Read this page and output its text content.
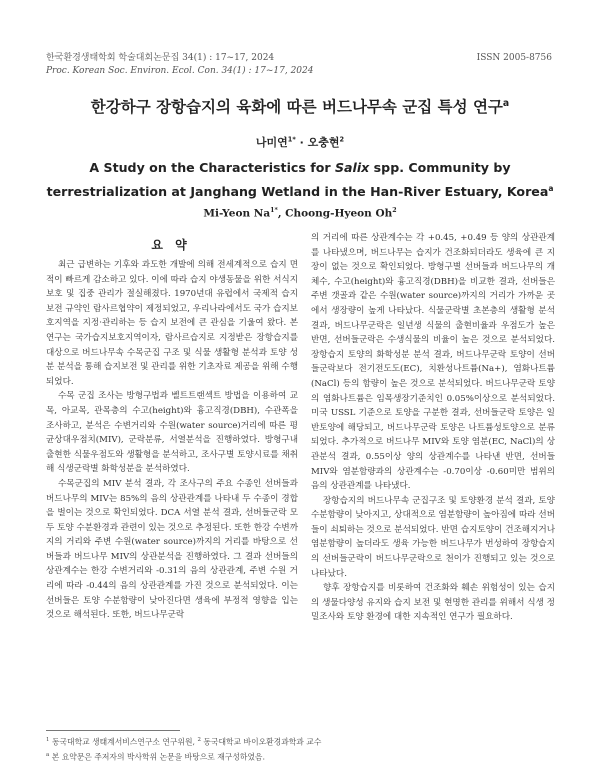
한국환경생태학회 학술대회논문집 34(1) : 17~17, 2024
Proc. Korean Soc. Environ. Ecol. Con. 34(1) : 17~17, 2024
ISSN 2005-8756
한강하구 장항습지의 육화에 따른 버드나무속 군집 특성 연구$^a$
나미연$^{1*}$ · 오충현$^2$
A Study on the Characteristics for Salix spp. Community by terrestrialization at Janghang Wetland in the Han-River Estuary, Korea$^a$
Mi-Yeon $Na^{1*}$, Choong-Hyeon Oh$^2$
요 약

최근 급변하는 기후와 과도한 개발에 의해 전세계적으로 습지 면적이 빠르게 감소하고 있다. 이에 따라 습지 야생동물을 위한 서식지 보호 및 집중 관리가 절실해졌다. 1970년대 유럽에서 국제적 습지보전 규약인 람사르협약이 제정되었고, 우리나라에서도 국가 습지보호지역을 지정·관리하는 등 습지 보전에 큰 관심을 기울여 왔다. 본 연구는 국가습지보호지역이자, 람사르습지로 지정받은 장항습지를 대상으로 버드나무속 수목군집 구조 및 식물 생활형 분석과 토양 성분 분석을 통해 습지보전 및 관리를 위한 기초자료 제공을 위해 수행되었다.

수목 군집 조사는 방형구법과 벨트트랜섹트 방법을 이용하여 교목, 아교목, 관목층의 수고(height)와 흉고직경(DBH), 수관폭을 조사하고, 분석은 수변거리와 수원(water source)거리에 따른 평균상대우점치(MIV), 군락분류, 서열분석을 진행하였다. 방형구내 출현한 식물우점도와 생활형을 분석하고, 조사구별 토양시료를 채취해 식생군락별 화학성분을 분석하였다.

수목군집의 MIV 분석 결과, 각 조사구의 주요 수종인 선버들과 버드나무의 MIV는 85%의 음의 상관관계를 나타내 두 수종이 경합을 벌이는 것으로 확인되었다. DCA 서열 분석 결과, 선버들군락 모두 토양 수분환경과 관련이 있는 것으로 추정된다. 또한 한강 수변까지의 거리와 주변 수원(water source)까지의 거리를 바탕으로 선버들과 버드나무 MIV의 상관분석을 진행하였다. 그 결과 선버들의 상관계수는 한강 수변거리와 -0.31의 음의 상관관계, 주변 수원 거리에 따라 -0.44의 음의 상관관계를 가진 것으로 분석되었다. 이는 선버들은 토양 수분함량이 낮아진다면 생육에 부정적 영향을 입는 것으로 해석된다. 또한, 버드나무군락

의 거리에 따른 상관계수는 각 +0.45, +0.49 등 양의 상관관계를 나타냈으며, 버드나무는 습지가 건조화되더라도 생육에 큰 지장이 없는 것으로 확인되었다. 방형구별 선버들과 버드나무의 개체수, 수고(height)와 흉고직경(DBH)을 비교한 결과, 선버들은 주변 갯골과 같은 수원(water source)까지의 거리가 가까운 곳에서 생장량이 높게 나타났다. 식물군락별 초본층의 생활형 분석 결과, 버드나무군락은 일년생 식물의 출현비율과 우점도가 높은 반면, 선버들군락은 수생식물의 비율이 높은 것으로 분석되었다. 장항습지 토양의 화학성분 분석 결과, 버드나무군락 토양이 선버들군락보다 전기전도도(EC), 치환성나트륨(Na+), 염화나트륨(NaCl) 등의 함량이 높은 것으로 분석되었다. 버드나무군락 토양의 염화나트륨은 임목생장기준치인 0.05%이상으로 분석되었다. 미국 USSL 기준으로 토양을 구분한 결과, 선버들군락 토양은 일반토양에 해당되고, 버드나무군락 토양은 나트륨성토양으로 분류되었다. 추가적으로 버드나무 MIV와 토양 염분(EC, NaCl)의 상관분석 결과, 0.55이상 양의 상관계수를 나타낸 반면, 선버들 MIV와 염분함량과의 상관계수는 -0.70이상 -0.60미만 범위의 음의 상관관계를 나타냈다.

장항습지의 버드나무속 군집구조 및 토양환경 분석 결과, 토양 수분함량이 낮아지고, 상대적으로 염분함량이 높아짐에 따라 선버들이 쇠퇴하는 것으로 분석되었다. 반면 습지토양이 건조해지거나 염분함량이 높더라도 생육 가능한 버드나무가 번성하여 장항습지의 선버들군락이 버드나무군락으로 천이가 진행되고 있는 것으로 나타났다.

향후 장항습지를 비롯하여 건조화와 훼손 위험성이 있는 습지의 생물다양성 유지와 습지 보전 및 현명한 관리를 위해서 식생 정밀조사와 토양 환경에 대한 지속적인 연구가 필요하다.

$^1$ 동국대학교 생태계서비스연구소 연구위원, $^2$ 동국대학교 바이오환경과학과 교수
$^a$ 본 요약문은 주저자의 박사학위 논문을 바탕으로 재구성하였음.
